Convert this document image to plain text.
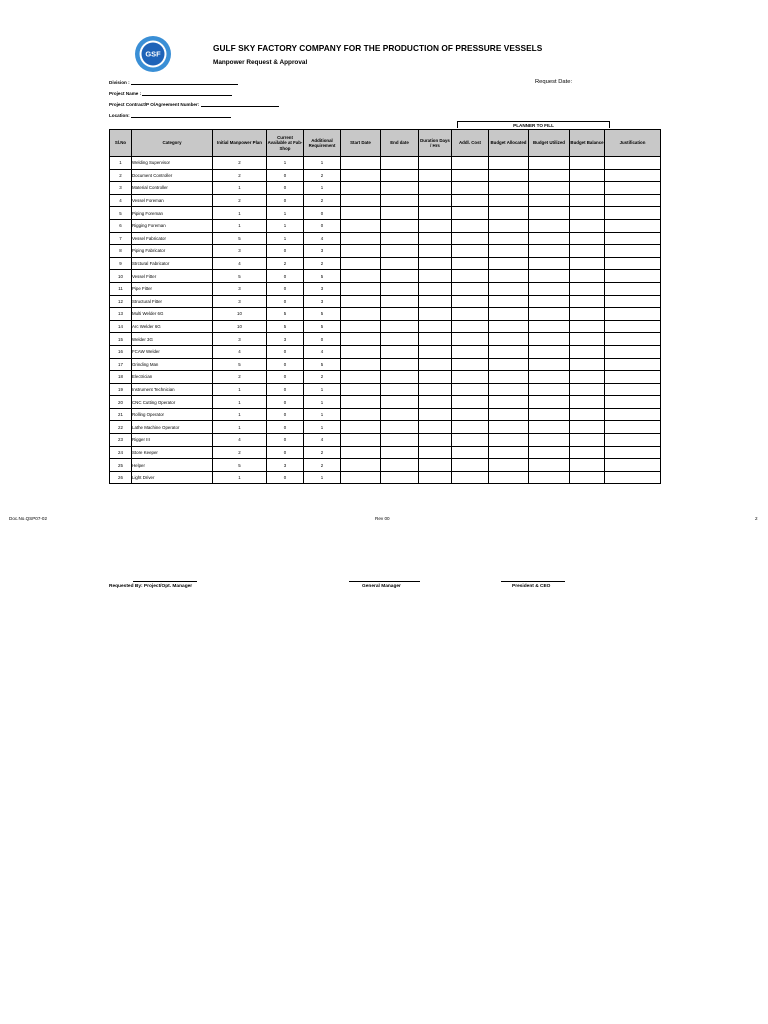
GSF
GULF SKY FACTORY COMPANY FOR THE PRODUCTION OF PRESSURE VESSELS
Manpower Request & Approval
Division :
Project Name :
Project Contract/P O/Agreement Number:
Location:
Request Date:
PLANNER TO FILL
Sl.No	Category	Initial Manpower Plan	Current Available at Fab-Shop	Additional Requirement	Start Date	End date	Duration Days / Hrs	Addl. Cost	Budget Allocated	Budget Utilized	Budget Balance	Justification
1	Welding Supervisor	2	1	1								
2	Document Controller	2	0	2								
3	Material Controller	1	0	1								
4	Vessel Foreman	2	0	2								
5	Piping Foreman	1	1	0								
6	Rigging Foreman	1	1	0								
7	Vessel Fabricator	5	1	4								
8	Piping Fabricator	3	0	3								
9	Strctural Fabricator	4	2	2								
10	Vessel Fitter	5	0	5								
11	Pipe Fitter	3	0	3								
12	Structural Fitter	3	0	3								
13	Multi Welder 6G	10	5	5								
14	Arc Welder 6G	10	5	5								
15	Welder 3G	3	3	0								
16	FCAW Welder	4	0	4								
17	Grinding Man	5	0	5								
18	Electrician	2	0	2								
19	Instrument Technician	1	0	1								
20	CNC Cutting Operator	1	0	1								
21	Rolling Operator	1	0	1								
22	Lathe Machine Operator	1	0	1								
23	Rigger III	4	0	4								
24	Store Keeper	2	0	2								
25	Helper	5	3	2								
26	Light Driver	1	0	1								
Doc.No.QSP07-02	Rev 00	2
Requested By: Project/Opt. Manager	General Manager	President & CEO
